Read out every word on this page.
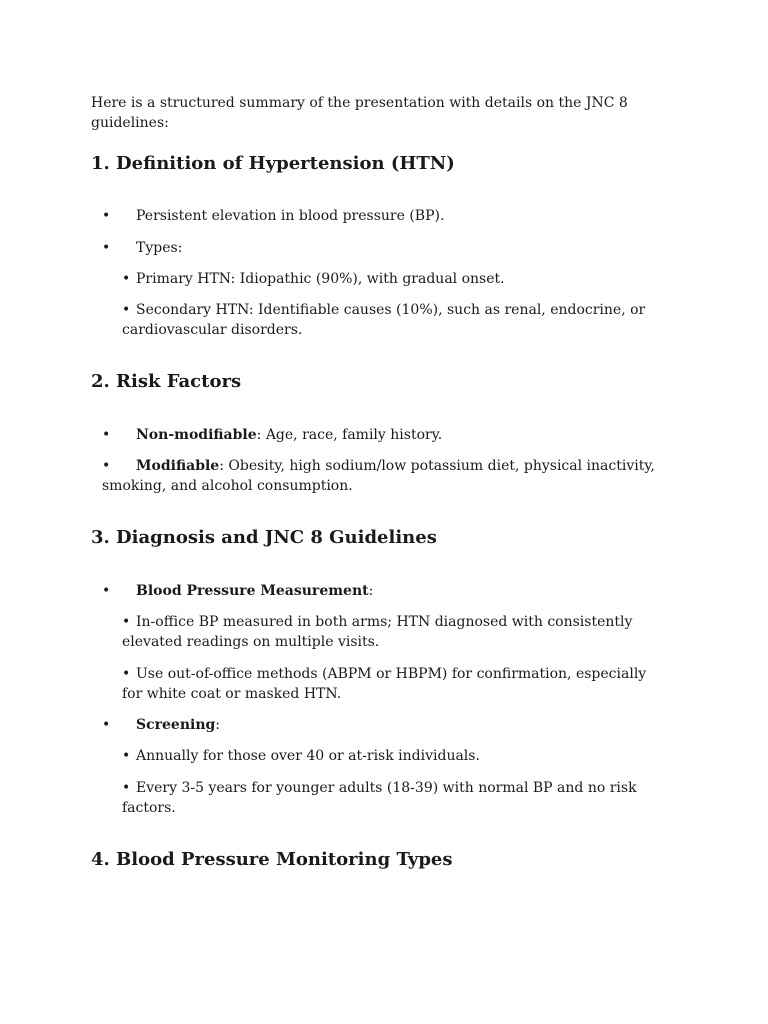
Here is a structured summary of the presentation with details on the JNC 8 guidelines:

1. Definition of Hypertension (HTN)
• Persistent elevation in blood pressure (BP).
• Types:
• Primary HTN: Idiopathic (90%), with gradual onset.
• Secondary HTN: Identifiable causes (10%), such as renal, endocrine, or cardiovascular disorders.
2. Risk Factors
• Non-modifiable: Age, race, family history.
•	Modifiable: Obesity, high sodium/low potassium diet, physical inactivity, smoking, and alcohol consumption.
3. Diagnosis and JNC 8 Guidelines
• Blood Pressure Measurement:
• In-office BP measured in both arms; HTN diagnosed with consistently elevated readings on multiple visits.
• Use out-of-office methods (ABPM or HBPM) for confirmation, especially for white coat or masked HTN.
• Screening:
• Annually for those over 40 or at-risk individuals.
• Every 3-5 years for younger adults (18-39) with normal BP and no risk factors.
4. Blood Pressure Monitoring Types
